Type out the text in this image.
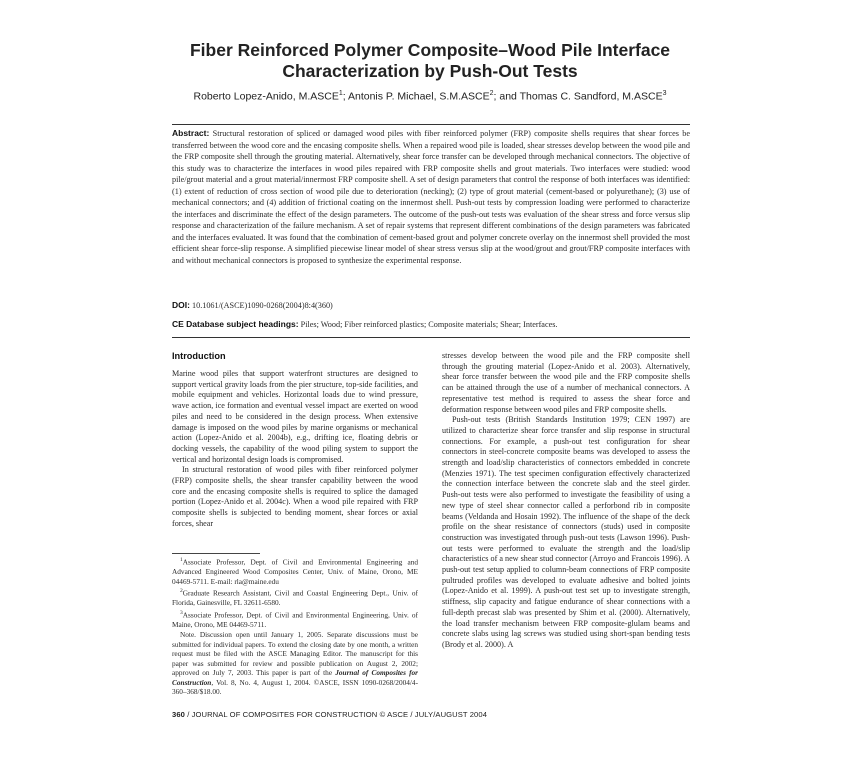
Fiber Reinforced Polymer Composite–Wood Pile Interface
Characterization by Push-Out Tests
Roberto Lopez-Anido, M.ASCE$^1$; Antonis P. Michael, S.M.ASCE$^2$; and Thomas C. Sandford, M.ASCE$^3$
Abstract: Structural restoration of spliced or damaged wood piles with fiber reinforced polymer (FRP) composite shells requires that shear forces be transferred between the wood core and the encasing composite shells. When a repaired wood pile is loaded, shear stresses develop between the wood pile and the FRP composite shell through the grouting material. Alternatively, shear force transfer can be developed through mechanical connectors. The objective of this study was to characterize the interfaces in wood piles repaired with FRP composite shells and grout materials. Two interfaces were studied: wood pile/grout material and a grout material/innermost FRP composite shell. A set of design parameters that control the response of both interfaces was identified: (1) extent of reduction of cross section of wood pile due to deterioration (necking); (2) type of grout material (cement-based or polyurethane); (3) use of mechanical connectors; and (4) addition of frictional coating on the innermost shell. Push-out tests by compression loading were performed to characterize the interfaces and discriminate the effect of the design parameters. The outcome of the push-out tests was evaluation of the shear stress and force versus slip response and characterization of the failure mechanism. A set of repair systems that represent different combinations of the design parameters was fabricated and the interfaces evaluated. It was found that the combination of cement-based grout and polymer concrete overlay on the innermost shell provided the most efficient shear force-slip response. A simplified piecewise linear model of shear stress versus slip at the wood/grout and grout/FRP composite interfaces with and without mechanical connectors is proposed to synthesize the experimental response.
DOI: 10.1061/(ASCE)1090-0268(2004)8:4(360)
CE Database subject headings: Piles; Wood; Fiber reinforced plastics; Composite materials; Shear; Interfaces.
Introduction

Marine wood piles that support waterfront structures are designed to support vertical gravity loads from the pier structure, top-side facilities, and mobile equipment and vehicles. Horizontal loads due to wind pressure, wave action, ice formation and eventual vessel impact are exerted on wood piles and need to be considered in the design process. When extensive damage is imposed on the wood piles by marine organisms or mechanical action (Lopez-Anido et al. 2004b), e.g., drifting ice, floating debris or docking vessels, the capability of the wood piling system to support the vertical and horizontal design loads is compromised.

In structural restoration of wood piles with fiber reinforced polymer (FRP) composite shells, the shear transfer capability between the wood core and the encasing composite shells is required to splice the damaged portion (Lopez-Anido et al. 2004c). When a wood pile repaired with FRP composite shells is subjected to bending moment, shear forces or axial forces, shear

$^1$Associate Professor, Dept. of Civil and Environmental Engineering and Advanced Engineered Wood Composites Center, Univ. of Maine, Orono, ME 04469-5711. E-mail: rla@maine.edu

$^2$Graduate Research Assistant, Civil and Coastal Engineering Dept., Univ. of Florida, Gainesville, FL 32611-6580.

$^3$Associate Professor, Dept. of Civil and Environmental Engineering, Univ. of Maine, Orono, ME 04469-5711.

Note. Discussion open until January 1, 2005. Separate discussions must be submitted for individual papers. To extend the closing date by one month, a written request must be filed with the ASCE Managing Editor. The manuscript for this paper was submitted for review and possible publication on August 2, 2002; approved on July 7, 2003. This paper is part of the Journal of Composites for Construction, Vol. 8, No. 4, August 1, 2004. ©ASCE, ISSN 1090-0268/2004/4-360–368/$18.00.

stresses develop between the wood pile and the FRP composite shell through the grouting material (Lopez-Anido et al. 2003). Alternatively, shear force transfer between the wood pile and the FRP composite shells can be attained through the use of a number of mechanical connectors. A representative test method is required to assess the shear force and deformation response between wood piles and FRP composite shells.

Push-out tests (British Standards Institution 1979; CEN 1997) are utilized to characterize shear force transfer and slip response in structural connections. For example, a push-out test configuration for shear connectors in steel-concrete composite beams was developed to assess the strength and load/slip characteristics of connectors embedded in concrete (Menzies 1971). The test specimen configuration effectively characterized the connection interface between the concrete slab and the steel girder. Push-out tests were also performed to investigate the feasibility of using a new type of steel shear connector called a perforbond rib in composite beams (Veldanda and Hosain 1992). The influence of the shape of the deck profile on the shear resistance of connectors (studs) used in composite construction was investigated through push-out tests (Lawson 1996). Push-out tests were performed to evaluate the strength and the load/slip characteristics of a new shear stud connector (Arroyo and Francois 1996). A push-out test setup applied to column-beam connections of FRP composite pultruded profiles was developed to evaluate adhesive and bolted joints (Lopez-Anido et al. 1999). A push-out test set up to investigate strength, stiffness, slip capacity and fatigue endurance of shear connections with a full-depth precast slab was presented by Shim et al. (2000). Alternatively, the load transfer mechanism between FRP composite-glulam beams and concrete slabs using lag screws was studied using short-span bending tests (Brody et al. 2000). A

360 / JOURNAL OF COMPOSITES FOR CONSTRUCTION © ASCE / JULY/AUGUST 2004
